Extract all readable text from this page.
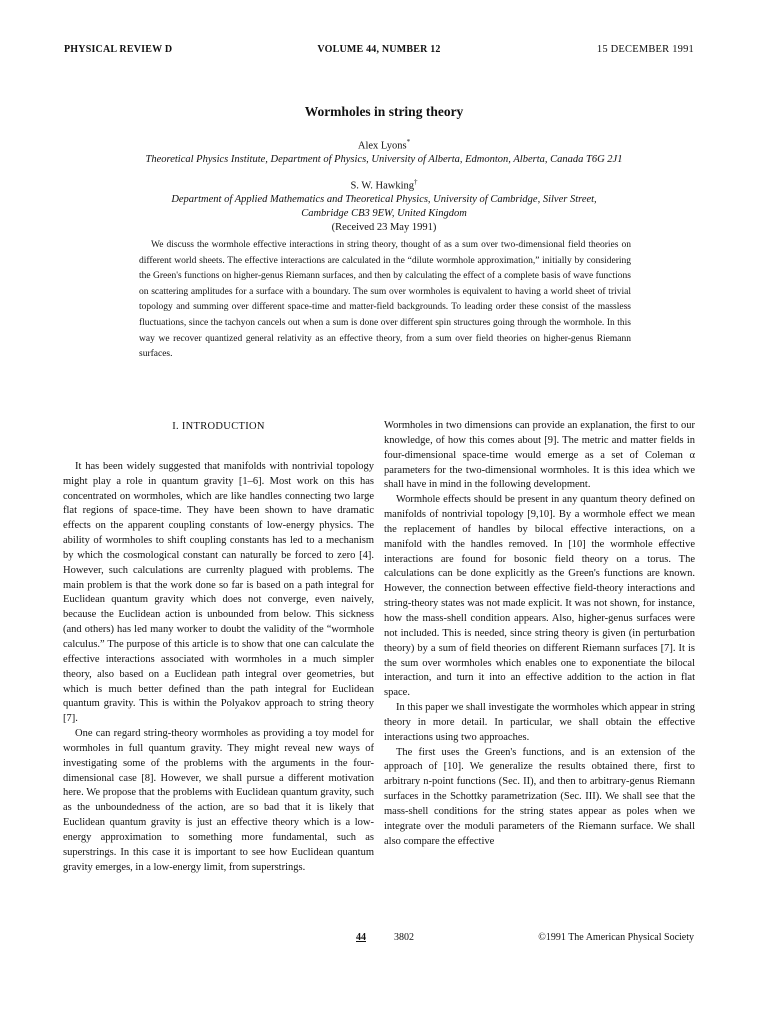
PHYSICAL REVIEW D	VOLUME 44, NUMBER 12	15 DECEMBER 1991
Wormholes in string theory
Alex Lyons*
Theoretical Physics Institute, Department of Physics, University of Alberta, Edmonton, Alberta, Canada T6G 2J1
S. W. Hawking†
Department of Applied Mathematics and Theoretical Physics, University of Cambridge, Silver Street,
Cambridge CB3 9EW, United Kingdom
(Received 23 May 1991)

We discuss the wormhole effective interactions in string theory, thought of as a sum over two-dimensional field theories on different world sheets. The effective interactions are calculated in the “dilute wormhole approximation,” initially by considering the Green's functions on higher-genus Riemann surfaces, and then by calculating the effect of a complete basis of wave functions on scattering amplitudes for a surface with a boundary. The sum over wormholes is equivalent to having a world sheet of trivial topology and summing over different space-time and matter-field backgrounds. To leading order these consist of the massless fluctuations, since the tachyon cancels out when a sum is done over different spin structures going through the wormhole. In this way we recover quantized general relativity as an effective theory, from a sum over field theories on higher-genus Riemann surfaces.

I. INTRODUCTION

It has been widely suggested that manifolds with nontrivial topology might play a role in quantum gravity [1–6]. Most work on this has concentrated on wormholes, which are like handles connecting two large flat regions of space-time. They have been shown to have dramatic effects on the apparent coupling constants of low-energy physics. The ability of wormholes to shift coupling constants has led to a mechanism by which the cosmological constant can naturally be forced to zero [4]. However, such calculations are currenlty plagued with problems. The main problem is that the work done so far is based on a path integral for Euclidean quantum gravity which does not converge, even naively, because the Euclidean action is unbounded from below. This sickness (and others) has led many worker to doubt the validity of the “wormhole calculus.” The purpose of this article is to show that one can calculate the effective interactions associated with wormholes in a much simpler theory, also based on a Euclidean path integral over geometries, but which is much better defined than the path integral for Euclidean quantum gravity. This is within the Polyakov approach to string theory [7].

One can regard string-theory wormholes as providing a toy model for wormholes in full quantum gravity. They might reveal new ways of investigating some of the problems with the arguments in the four-dimensional case [8]. However, we shall pursue a different motivation here. We propose that the problems with Euclidean quantum gravity, such as the unboundedness of the action, are so bad that it is likely that Euclidean quantum gravity is just an effective theory which is a low-energy approximation to something more fundamental, such as superstrings. In this case it is important to see how Euclidean quantum gravity emerges, in a low-energy limit, from superstrings.

Wormholes in two dimensions can provide an explanation, the first to our knowledge, of how this comes about [9]. The metric and matter fields in four-dimensional space-time would emerge as a set of Coleman α parameters for the two-dimensional wormholes. It is this idea which we shall have in mind in the following development.

Wormhole effects should be present in any quantum theory defined on manifolds of nontrivial topology [9,10]. By a wormhole effect we mean the replacement of handles by bilocal effective interactions, on a manifold with the handles removed. In [10] the wormhole effective interactions are found for bosonic field theory on a torus. The calculations can be done explicitly as the Green's functions are known. However, the connection between effective field-theory interactions and string-theory states was not made explicit. It was not shown, for instance, how the mass-shell condition appears. Also, higher-genus surfaces were not included. This is needed, since string theory is given (in perturbation theory) by a sum of field theories on different Riemann surfaces [7]. It is the sum over wormholes which enables one to exponentiate the bilocal interaction, and turn it into an effective addition to the action in flat space.

In this paper we shall investigate the wormholes which appear in string theory in more detail. In particular, we shall obtain the effective interactions using two approaches.

The first uses the Green's functions, and is an extension of the approach of [10]. We generalize the results obtained there, first to arbitrary n-point functions (Sec. II), and then to arbitrary-genus Riemann surfaces in the Schottky parametrization (Sec. III). We shall see that the mass-shell conditions for the string states appear as poles when we integrate over the moduli parameters of the Riemann surface. We shall also compare the effective

44	3802	©1991 The American Physical Society
